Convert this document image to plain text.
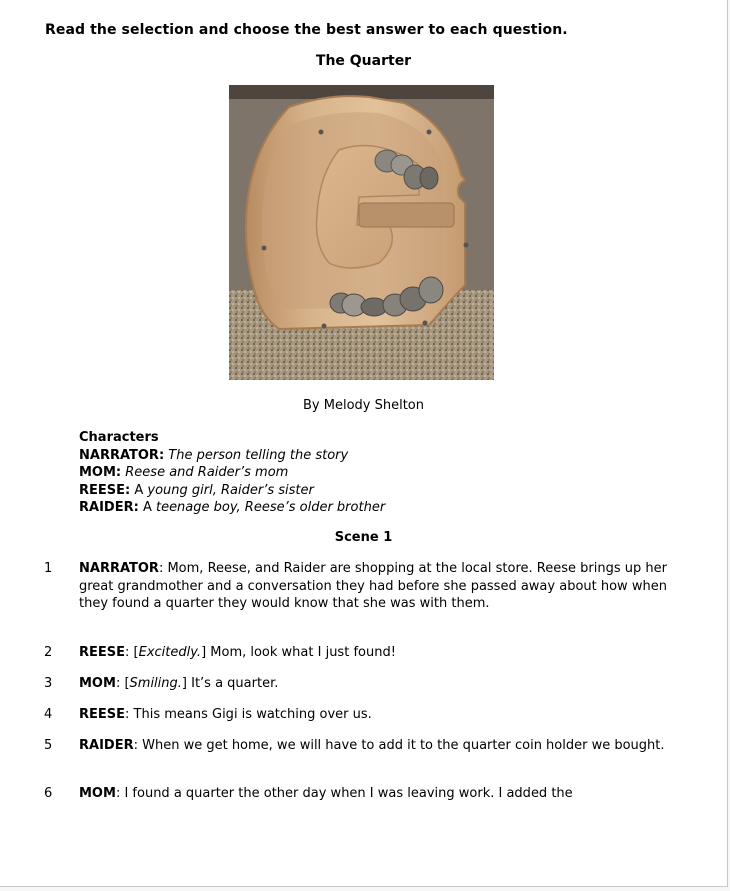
Read the selection and choose the best answer to each question.
The Quarter
By Melody Shelton
Characters
NARRATOR: The person telling the story
MOM: Reese and Raider’s mom
REESE: A young girl, Raider’s sister
RAIDER: A teenage boy, Reese’s older brother
Scene 1
1 NARRATOR: Mom, Reese, and Raider are shopping at the local store. Reese brings up her great grandmother and a conversation they had before she passed away about how when they found a quarter they would know that she was with them.
2 REESE: [Excitedly.] Mom, look what I just found!
3 MOM: [Smiling.] It’s a quarter.
4 REESE: This means Gigi is watching over us.
5 RAIDER: When we get home, we will have to add it to the quarter coin holder we bought.
6 MOM: I found a quarter the other day when I was leaving work. I added the
